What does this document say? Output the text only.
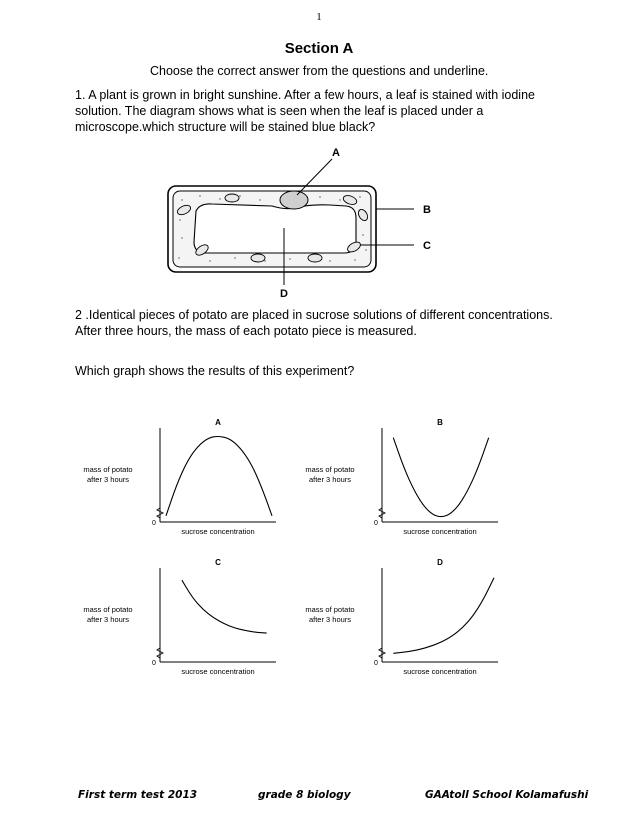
1
Section A
Choose the correct answer from the questions and underline.
1. A plant is grown in bright sunshine. After a few hours, a leaf is stained with iodine
solution. The diagram shows what is seen when the leaf is placed under a
microscope.which structure will be stained blue black?
A
B
C
D
2 .Identical pieces of potato are placed in sucrose solutions of different concentrations.
After three hours, the mass of each potato piece is measured.
Which graph shows the results of this experiment?
A
0
mass of potato
after 3 hours
sucrose concentration
B
0
mass of potato
after 3 hours
sucrose concentration
C
0
mass of potato
after 3 hours
sucrose concentration
D
0
mass of potato
after 3 hours
sucrose concentration
First term test 2013	grade 8 biology	GAAtoll School Kolamafushi
